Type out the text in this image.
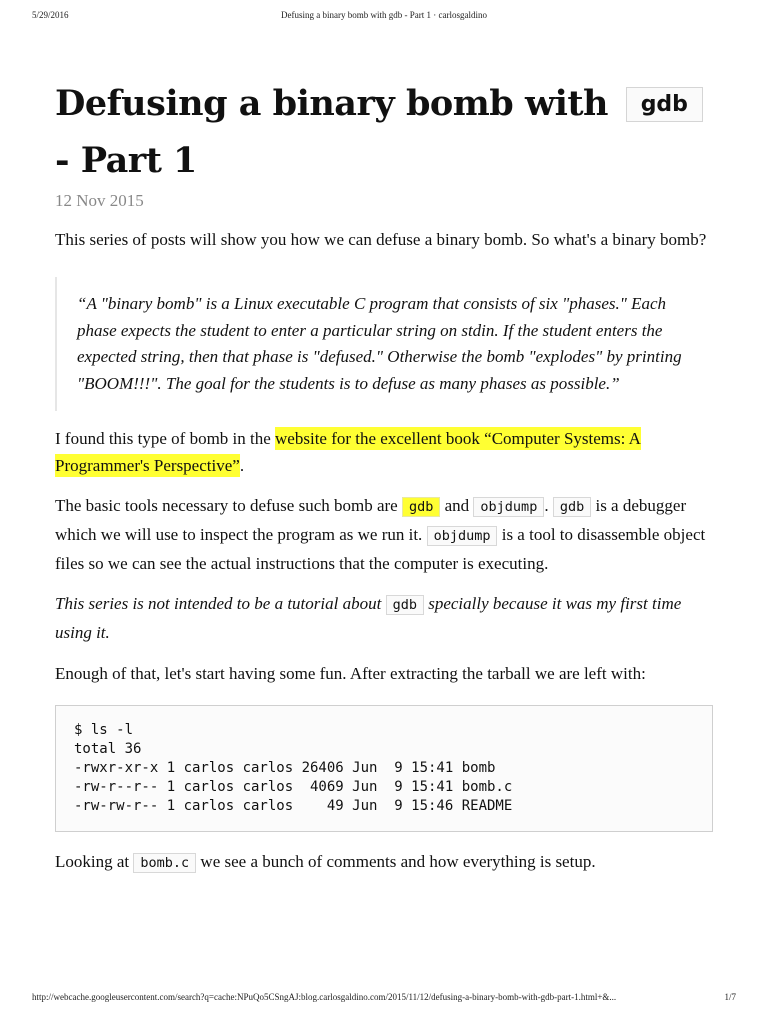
5/29/2016	Defusing a binary bomb with gdb - Part 1 · carlosgaldino
Defusing a binary bomb with gdb
- Part 1
12 Nov 2015

This series of posts will show you how we can defuse a binary bomb. So what's a binary bomb?

“A "binary bomb" is a Linux executable C program that consists of six "phases." Each phase expects the student to enter a particular string on stdin. If the student enters the expected string, then that phase is "defused." Otherwise the bomb "explodes" by printing "BOOM!!!". The goal for the students is to defuse as many phases as possible.”

I found this type of bomb in the website for the excellent book “Computer Systems: A Programmer's Perspective”.

The basic tools necessary to defuse such bomb are gdb and objdump . gdb is a debugger which we will use to inspect the program as we run it. objdump is a tool to disassemble object files so we can see the actual instructions that the computer is executing.

This series is not intended to be a tutorial about gdb specially because it was my first time using it.

Enough of that, let's start having some fun. After extracting the tarball we are left with:

$ ls -l
total 36
-rwxr-xr-x 1 carlos carlos 26406 Jun  9 15:41 bomb
-rw-r--r-- 1 carlos carlos  4069 Jun  9 15:41 bomb.c
-rw-rw-r-- 1 carlos carlos    49 Jun  9 15:46 README

Looking at bomb.c we see a bunch of comments and how everything is setup.

http://webcache.googleusercontent.com/search?q=cache:NPuQo5CSngAJ:blog.carlosgaldino.com/2015/11/12/defusing-a-binary-bomb-with-gdb-part-1.html+&...	1/7
